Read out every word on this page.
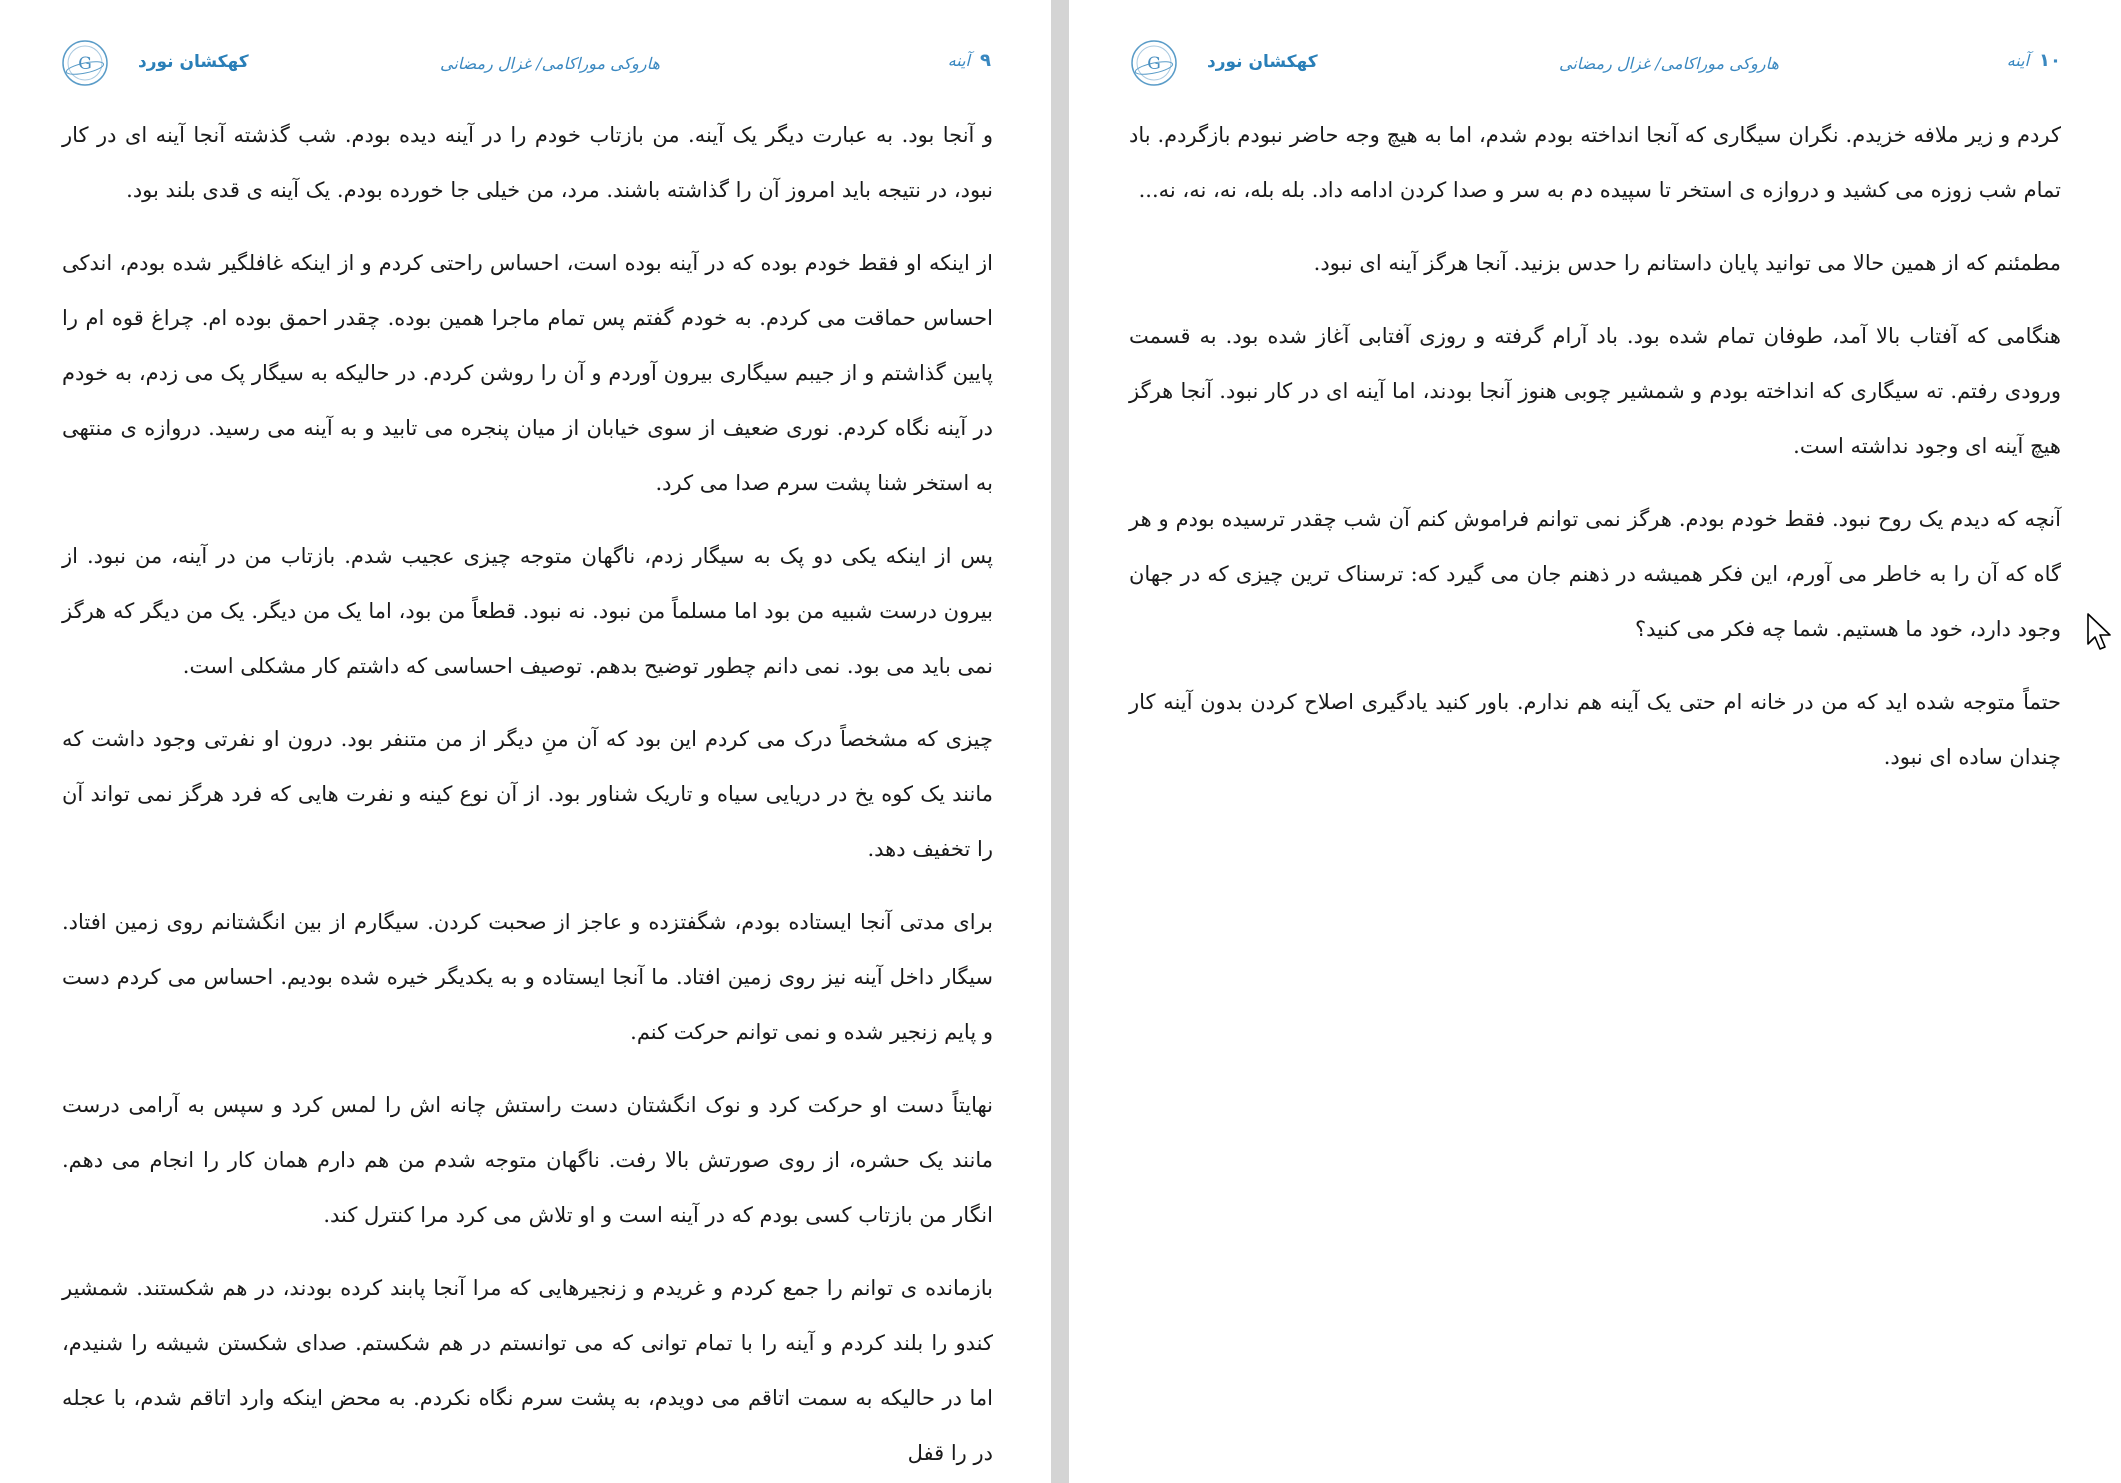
G	کهکشان نورد	هاروکی موراکامی/ غزال رمضانی	۹آینه

و آنجا بود. به عبارت دیگر یک آینه. من بازتاب خودم را در آینه دیده بودم. شب گذشته آنجا آینه ای در کار نبود، در نتیجه باید امروز آن را گذاشته باشند. مرد، من خیلی جا خورده بودم. یک آینه ی قدی بلند بود.

از اینکه او فقط خودم بوده که در آینه بوده است، احساس راحتی کردم و از اینکه غافلگیر شده بودم، اندکی احساس حماقت می کردم. به خودم گفتم پس تمام ماجرا همین بوده. چقدر احمق بوده ام. چراغ قوه ام را پایین گذاشتم و از جیبم سیگاری بیرون آوردم و آن را روشن کردم. در حالیکه به سیگار پک می زدم، به خودم در آینه نگاه کردم. نوری ضعیف از سوی خیابان از میان پنجره می تابید و به آینه می رسید. دروازه ی منتهی به استخر شنا پشت سرم صدا می کرد.

پس از اینکه یکی دو پک به سیگار زدم، ناگهان متوجه چیزی عجیب شدم. بازتاب من در آینه، من نبود. از بیرون درست شبیه من بود اما مسلماً من نبود. نه نبود. قطعاً من بود، اما یک من دیگر. یک من دیگر که هرگز نمی باید می بود. نمی دانم چطور توضیح بدهم. توصیف احساسی که داشتم کار مشکلی است.

چیزی که مشخصاً درک می کردم این بود که آن منِ دیگر از من متنفر بود. درون او نفرتی وجود داشت که مانند یک کوه یخ در دریایی سیاه و تاریک شناور بود. از آن نوع کینه و نفرت هایی که فرد هرگز نمی تواند آن را تخفیف دهد.

برای مدتی آنجا ایستاده بودم، شگفتزده و عاجز از صحبت کردن. سیگارم از بین انگشتانم روی زمین افتاد. سیگار داخل آینه نیز روی زمین افتاد. ما آنجا ایستاده و به یکدیگر خیره شده بودیم. احساس می کردم دست و پایم زنجیر شده و نمی توانم حرکت کنم.

نهایتاً دست او حرکت کرد و نوک انگشتان دست راستش چانه اش را لمس کرد و سپس به آرامی درست مانند یک حشره، از روی صورتش بالا رفت. ناگهان متوجه شدم من هم دارم همان کار را انجام می دهم. انگار من بازتاب کسی بودم که در آینه است و او تلاش می کرد مرا کنترل کند.

بازمانده ی توانم را جمع کردم و غریدم و زنجیرهایی که مرا آنجا پابند کرده بودند، در هم شکستند. شمشیر کندو را بلند کردم و آینه را با تمام توانی که می توانستم در هم شکستم. صدای شکستن شیشه را شنیدم، اما در حالیکه به سمت اتاقم می دویدم، به پشت سرم نگاه نکردم. به محض اینکه وارد اتاقم شدم، با عجله در را قفل

G	کهکشان نورد	هاروکی موراکامی/ غزال رمضانی	۱۰آینه

کردم و زیر ملافه خزیدم. نگران سیگاری که آنجا انداخته بودم شدم، اما به هیچ وجه حاضر نبودم بازگردم. باد تمام شب زوزه می کشید و دروازه ی استخر تا سپیده دم به سر و صدا کردن ادامه داد. بله بله، نه، نه، نه...

مطمئنم که از همین حالا می توانید پایان داستانم را حدس بزنید. آنجا هرگز آینه ای نبود.

هنگامی که آفتاب بالا آمد، طوفان تمام شده بود. باد آرام گرفته و روزی آفتابی آغاز شده بود. به قسمت ورودی رفتم. ته سیگاری که انداخته بودم و شمشیر چوبی هنوز آنجا بودند، اما آینه ای در کار نبود. آنجا هرگز هیچ آینه ای وجود نداشته است.

آنچه که دیدم یک روح نبود. فقط خودم بودم. هرگز نمی توانم فراموش کنم آن شب چقدر ترسیده بودم و هر گاه که آن را به خاطر می آورم، این فکر همیشه در ذهنم جان می گیرد که: ترسناک ترین چیزی که در جهان وجود دارد، خود ما هستیم. شما چه فکر می کنید؟

حتماً متوجه شده اید که من در خانه ام حتی یک آینه هم ندارم. باور کنید یادگیری اصلاح کردن بدون آینه کار چندان ساده ای نبود.
